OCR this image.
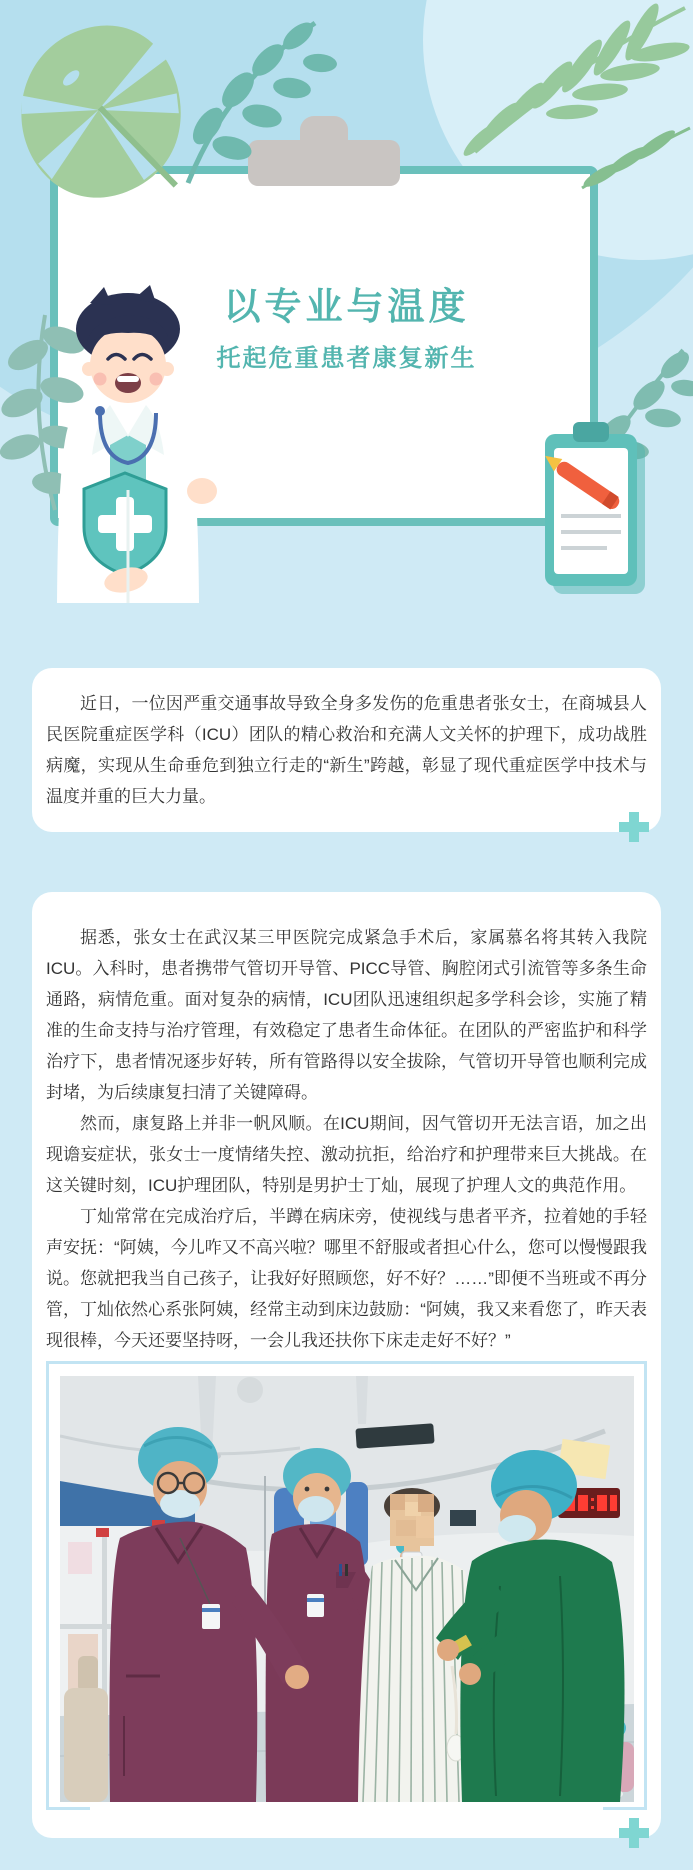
以专业与温度
托起危重患者康复新生

近日，一位因严重交通事故导致全身多发伤的危重患者张女士，在商城县人民医院重症医学科（ICU）团队的精心救治和充满人文关怀的护理下，成功战胜病魔，实现从生命垂危到独立行走的“新生”跨越，彰显了现代重症医学中技术与温度并重的巨大力量。

据悉，张女士在武汉某三甲医院完成紧急手术后，家属慕名将其转入我院ICU。入科时，患者携带气管切开导管、PICC导管、胸腔闭式引流管等多条生命通路，病情危重。面对复杂的病情，ICU团队迅速组织起多学科会诊，实施了精准的生命支持与治疗管理，有效稳定了患者生命体征。在团队的严密监护和科学治疗下，患者情况逐步好转，所有管路得以安全拔除，气管切开导管也顺利完成封堵，为后续康复扫清了关键障碍。

然而，康复路上并非一帆风顺。在ICU期间，因气管切开无法言语，加之出现谵妄症状，张女士一度情绪失控、激动抗拒，给治疗和护理带来巨大挑战。在这关键时刻，ICU护理团队，特别是男护士丁灿，展现了护理人文的典范作用。

丁灿常常在完成治疗后，半蹲在病床旁，使视线与患者平齐，拉着她的手轻声安抚：“阿姨，今儿咋又不高兴啦？哪里不舒服或者担心什么，您可以慢慢跟我说。您就把我当自己孩子，让我好好照顾您，好不好？……”即便不当班或不再分管，丁灿依然心系张阿姨，经常主动到床边鼓励：“阿姨，我又来看您了，昨天表现很棒，今天还要坚持呀，一会儿我还扶你下床走走好不好？”
